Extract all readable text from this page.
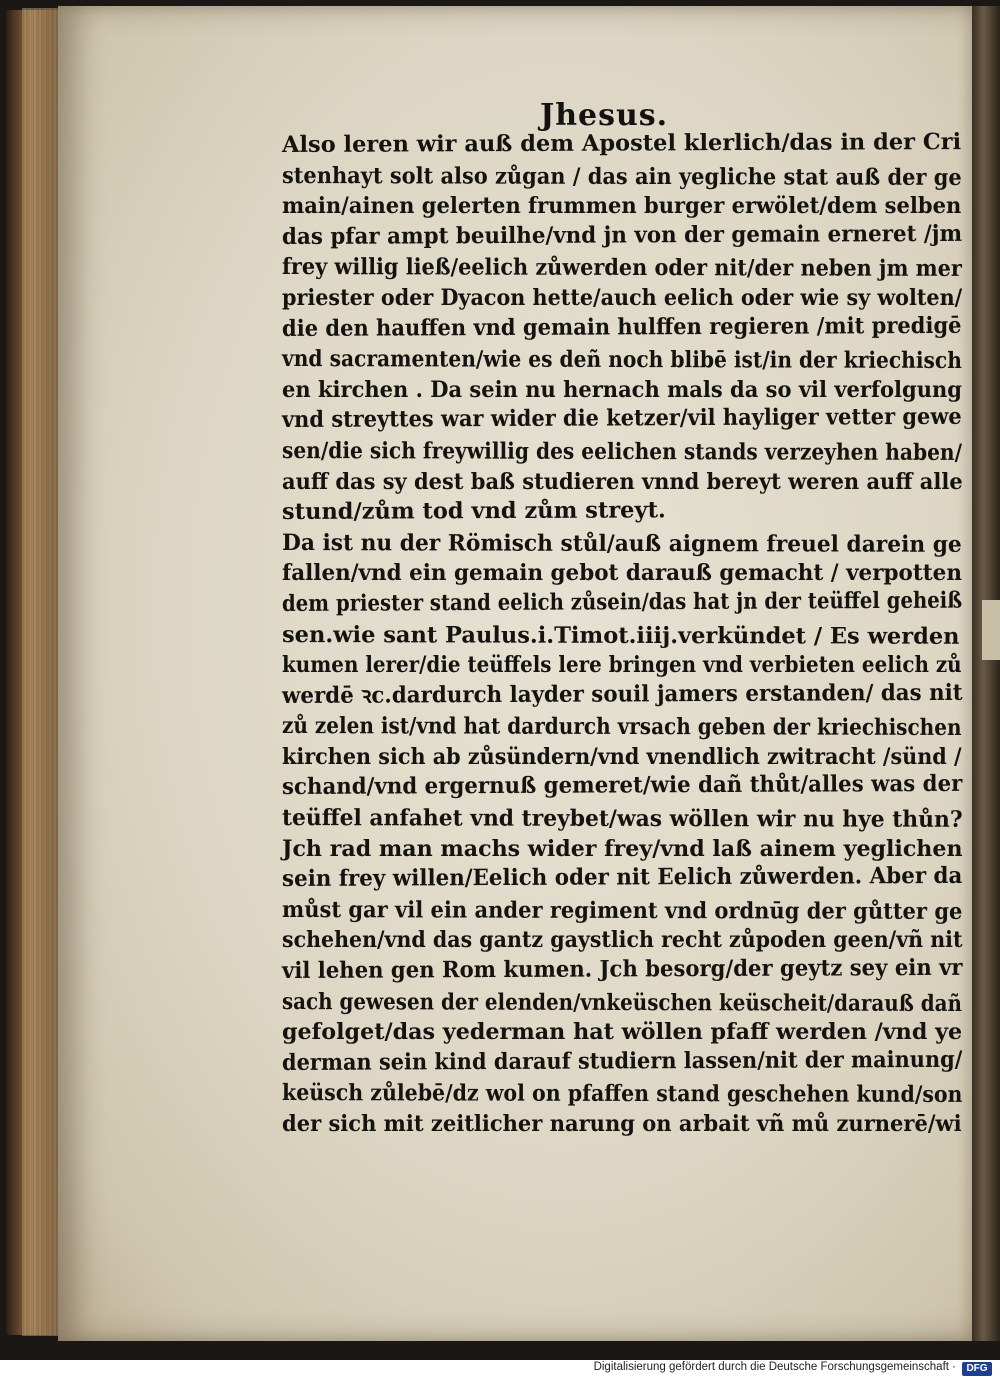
Jhesus.
Also leren wir auß dem Apostel klerlich/das in der Cri
stenhayt solt also zůgan / das ain yegliche stat auß der ge
main/ainen gelerten frummen burger erwölet/dem selben
das pfar ampt beuilhe/vnd jn von der gemain erneret /jm
frey willig ließ/eelich zůwerden oder nit/der neben jm mer
priester oder Dyacon hette/auch eelich oder wie sy wolten/
die den hauffen vnd gemain hulffen regieren /mit predigē
vnd sacramenten/wie es deñ noch blibē ist/in der kriechisch
en kirchen . Da sein nu hernach mals da so vil verfolgung
vnd streyttes war wider die ketzer/vil hayliger vetter gewe
sen/die sich freywillig des eelichen stands verzeyhen haben/
auff das sy dest baß studieren vnnd bereyt weren auff alle
stund/zům tod vnd zům streyt.
Da ist nu der Römisch stůl/auß aignem freuel darein ge
fallen/vnd ein gemain gebot darauß gemacht / verpotten
dem priester stand eelich zůsein/das hat jn der teüffel geheiß
sen.wie sant Paulus.i.Timot.iiij.verkündet / Es werden
kumen lerer/die teüffels lere bringen vnd verbieten eelich zů
werdē ꝛc.dardurch layder souil jamers erstanden/ das nit
zů zelen ist/vnd hat dardurch vrsach geben der kriechischen
kirchen sich ab zůsündern/vnd vnendlich zwitracht /sünd /
schand/vnd ergernuß gemeret/wie dañ thůt/alles was der
teüffel anfahet vnd treybet/was wöllen wir nu hye thůn?
Jch rad man machs wider frey/vnd laß ainem yeglichen
sein frey willen/Eelich oder nit Eelich zůwerden. Aber da
můst gar vil ein ander regiment vnd ordnūg der gůtter ge
schehen/vnd das gantz gaystlich recht zůpoden geen/vñ nit
vil lehen gen Rom kumen. Jch besorg/der geytz sey ein vr
sach gewesen der elenden/vnkeüschen keüscheit/darauß dañ
gefolget/das yederman hat wöllen pfaff werden /vnd ye
derman sein kind darauf studiern lassen/nit der mainung/
keüsch zůlebē/dz wol on pfaffen stand geschehen kund/son
der sich mit zeitlicher narung on arbait vñ mů zurnerē/wi
Digitalisierung gefördert durch die Deutsche Forschungsgemeinschaft ·	DFG
